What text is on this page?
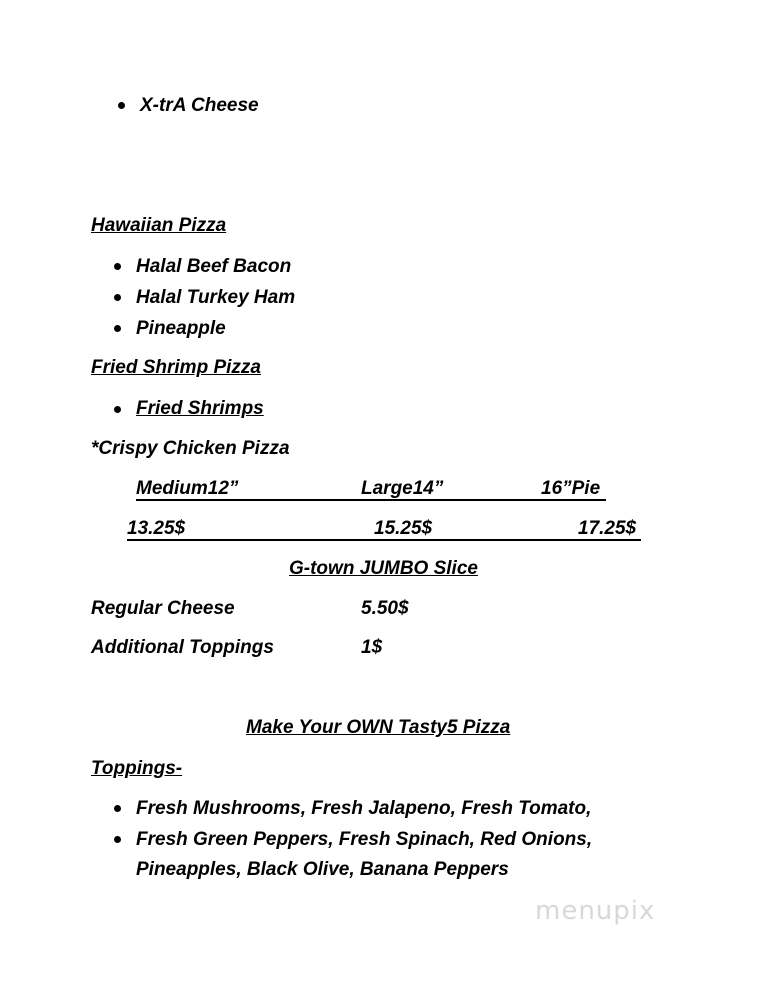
X-trA Cheese
Hawaiian Pizza
Halal Beef Bacon
Halal Turkey Ham
Pineapple
Fried Shrimp Pizza
Fried Shrimps
*Crispy Chicken Pizza
Medium12”	Large14”	16”Pie
13.25$	15.25$	17.25$
G-town JUMBO Slice
Regular Cheese	5.50$
Additional Toppings	1$
Make Your OWN Tasty5 Pizza
Toppings-
Fresh Mushrooms, Fresh Jalapeno, Fresh Tomato,
Fresh Green Peppers, Fresh Spinach, Red Onions,
Pineapples, Black Olive, Banana Peppers
menupix
